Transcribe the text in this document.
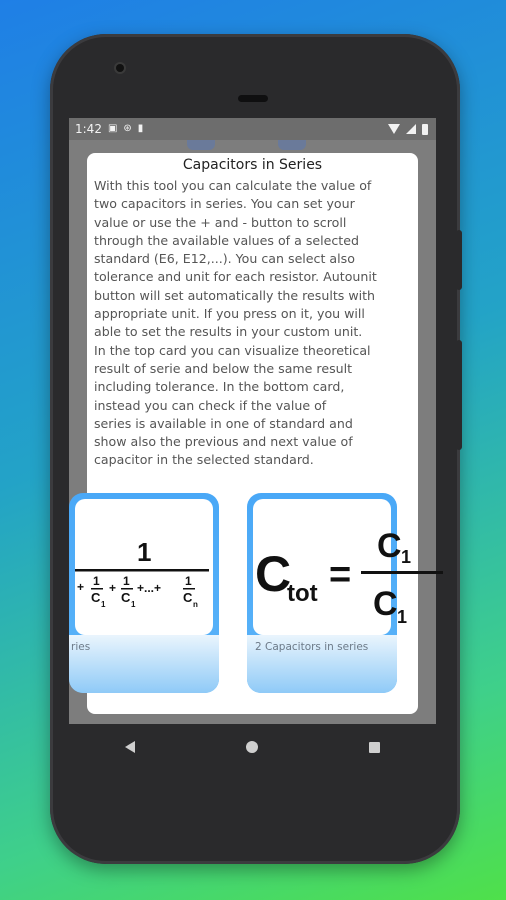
1:42 ▣ ⊛ ▮
Capacitors in Series
With this tool you can calculate the value of
two capacitors in series. You can set your
value or use the + and - button to scroll
through the available values of a selected
standard (E6, E12,...). You can select also
tolerance and unit for each resistor. Autounit
button will set automatically the results with
appropriate unit. If you press on it, you will
able to set the results in your custom unit.
In the top card you can visualize theoretical
result of serie and below the same result
including tolerance. In the bottom card,
instead you can check if the value of
series is available in one of standard and
show also the previous and next value of
capacitor in the selected standard.
1
+ 1
C 1
+ 1
C 1
+...+ 1
C n
ries
C
tot =
C 1
C 1
2 Capacitors in series
